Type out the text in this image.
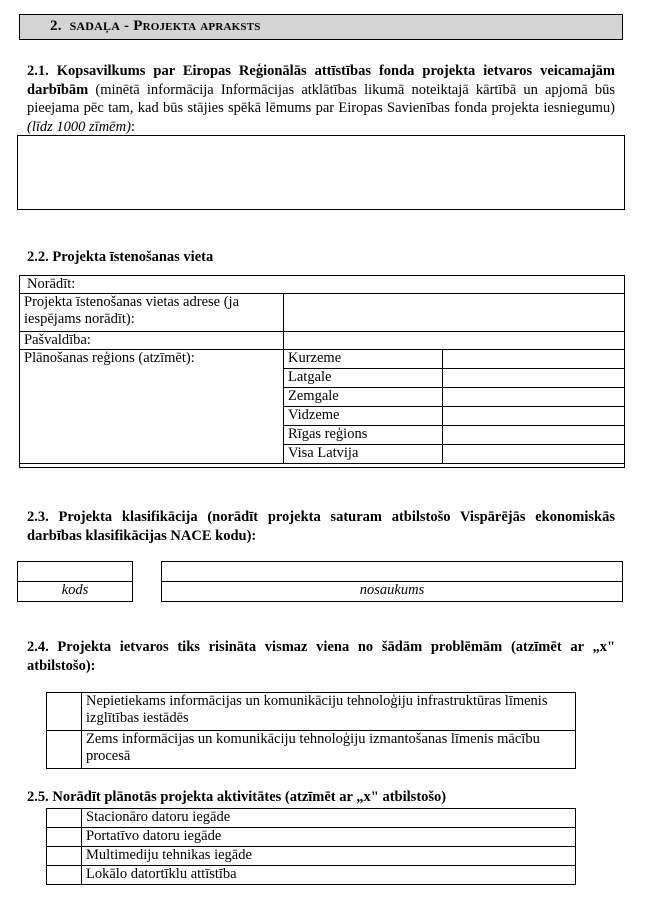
2. SADAĻA - Projekta apraksts
2.1. Kopsavilkums par Eiropas Reģionālās attīstības fonda projekta ietvaros veicamajām darbībām (minētā informācija Informācijas atklātības likumā noteiktajā kārtībā un apjomā būs pieejama pēc tam, kad būs stājies spēkā lēmums par Eiropas Savienības fonda projekta iesniegumu) (līdz 1000 zīmēm):
2.2. Projekta īstenošanas vieta
Norādīt:
Projekta īstenošanas vietas adrese (ja iespējams norādīt):		
Pašvaldība:		
Plānošanas reģions (atzīmēt):	Kurzeme	
	Latgale	
	Zemgale	
	Vidzeme	
	Rīgas reģions	
	Visa Latvija	
2.3. Projekta klasifikācija (norādīt projekta saturam atbilstošo Vispārējās ekonomiskās darbības klasifikācijas NACE kodu):

kods	nosaukums
2.4. Projekta ietvaros tiks risināta vismaz viena no šādām problēmām (atzīmēt ar „x" atbilstošo):
	Nepietiekams informācijas un komunikāciju tehnoloģiju infrastruktūras līmenis izglītības iestādēs
	Zems informācijas un komunikāciju tehnoloģiju izmantošanas līmenis mācību procesā
2.5. Norādīt plānotās projekta aktivitātes (atzīmēt ar „x" atbilstošo)
	Stacionāro datoru iegāde
	Portatīvo datoru iegāde
	Multimediju tehnikas iegāde
	Lokālo datortīklu attīstība
